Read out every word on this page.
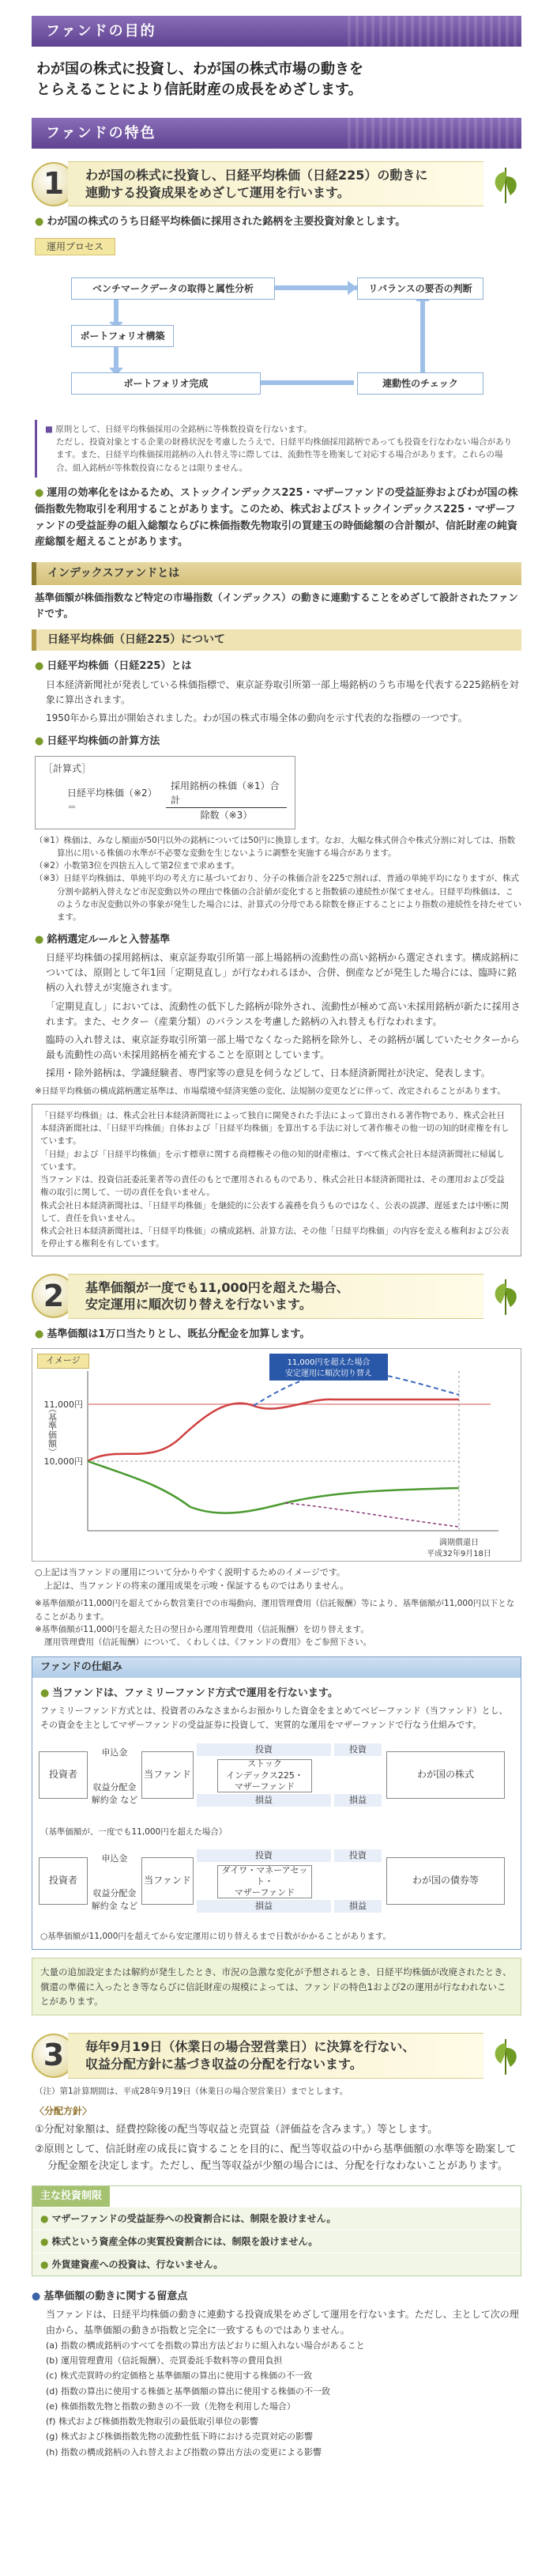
ファンドの目的
わが国の株式に投資し、わが国の株式市場の動きを
とらえることにより信託財産の成長をめざします。
ファンドの特色
1	わが国の株式に投資し、日経平均株価（日経225）の動きに
連動する投資成果をめざして運用を行います。
● わが国の株式のうち日経平均株価に採用された銘柄を主要投資対象とします。
運用プロセス
ベンチマークデータの取得と属性分析
ポートフォリオ構築
ポートフォリオ完成
リバランスの要否の判断
連動性のチェック

■ 原則として、日経平均株価採用の全銘柄に等株数投資を行ないます。

ただし、投資対象とする企業の財務状況を考慮したうえで、日経平均株価採用銘柄であっても投資を行なわない場合があります。また、日経平均株価採用銘柄の入れ替え等に際しては、流動性等を勘案して対応する場合があります。これらの場合、組入銘柄が等株数投資になるとは限りません。
● 運用の効率化をはかるため、ストックインデックス225・マザーファンドの受益証券およびわが国の株価指数先物取引を利用することがあります。このため、株式およびストックインデックス225・マザーファンドの受益証券の組入総額ならびに株価指数先物取引の買建玉の時価総額の合計額が、信託財産の純資産総額を超えることがあります。
インデックスファンドとは
基準価額が株価指数など特定の市場指数（インデックス）の動きに連動することをめざして設計されたファンドです。
日経平均株価（日経225）について
● 日経平均株価（日経225）とは
日本経済新聞社が発表している株価指標で、東京証券取引所第一部上場銘柄のうち市場を代表する225銘柄を対象に算出されます。
1950年から算出が開始されました。わが国の株式市場全体の動向を示す代表的な指標の一つです。
● 日経平均株価の計算方法
［計算式］
日経平均株価（※2）＝	$\frac{\text{採用銘柄の株価（※1）合計}}{\text{除数（※3）}}$

（※1）株価は、みなし額面が50円以外の銘柄については50円に換算します。なお、大幅な株式併合や株式分割に対しては、指数算出に用いる株価の水準が不必要な変動を生じないように調整を実施する場合があります。

（※2）小数第3位を四捨五入して第2位まで求めます。

（※3）日経平均株価は、単純平均の考え方に基づいており、分子の株価合計を225で割れば、普通の単純平均になりますが、株式分割や銘柄入替えなど市況変動以外の理由で株価の合計値が変化すると指数値の連続性が保てません。日経平均株価は、このような市況変動以外の事象が発生した場合には、計算式の分母である除数を修正することにより指数の連続性を持たせています。

● 銘柄選定ルールと入替基準
日経平均株価の採用銘柄は、東京証券取引所第一部上場銘柄の流動性の高い銘柄から選定されます。構成銘柄については、原則として年1回「定期見直し」が行なわれるほか、合併、倒産などが発生した場合には、臨時に銘柄の入れ替えが実施されます。
「定期見直し」においては、流動性の低下した銘柄が除外され、流動性が極めて高い未採用銘柄が新たに採用されます。また、セクター（産業分類）のバランスを考慮した銘柄の入れ替えも行なわれます。
臨時の入れ替えは、東京証券取引所第一部上場でなくなった銘柄を除外し、その銘柄が属していたセクターから最も流動性の高い未採用銘柄を補充することを原則としています。
採用・除外銘柄は、学識経験者、専門家等の意見を伺うなどして、日本経済新聞社が決定、発表します。
※日経平均株価の構成銘柄選定基準は、市場環境や経済実態の変化、法規制の変更などに伴って、改定されることがあります。

「日経平均株価」は、株式会社日本経済新聞社によって独自に開発された手法によって算出される著作物であり、株式会社日本経済新聞社は、「日経平均株価」自体および「日経平均株価」を算出する手法に対して著作権その他一切の知的財産権を有しています。

「日経」および「日経平均株価」を示す標章に関する商標権その他の知的財産権は、すべて株式会社日本経済新聞社に帰属しています。

当ファンドは、投資信託委託業者等の責任のもとで運用されるものであり、株式会社日本経済新聞社は、その運用および受益権の取引に関して、一切の責任を負いません。

株式会社日本経済新聞社は、「日経平均株価」を継続的に公表する義務を負うものではなく、公表の誤謬、遅延または中断に関して、責任を負いません。

株式会社日本経済新聞社は、「日経平均株価」の構成銘柄、計算方法、その他「日経平均株価」の内容を変える権利および公表を停止する権利を有しています。

2	基準価額が一度でも11,000円を超えた場合、
安定運用に順次切り替えを行ないます。
● 基準価額は1万口当たりとし、既払分配金を加算します。
イメージ
11,000円
10,000円
11,000円を超えた場合
安定運用に順次切り替え
満期償還日
平成32年9月18日
（基準価額）
○上記は当ファンドの運用について分かりやすく説明するためのイメージです。
上記は、当ファンドの将来の運用成果を示唆・保証するものではありません。
※基準価額が11,000円を超えてから数営業日での市場動向、運用管理費用（信託報酬）等により、基準価額が11,000円以下となることがあります。
※基準価額が11,000円を超えた日の翌日から運用管理費用（信託報酬）を切り替えます。
運用管理費用（信託報酬）について、くわしくは、《ファンドの費用》をご参照下さい。
ファンドの仕組み
● 当ファンドは、ファミリーファンド方式で運用を行ないます。
ファミリーファンド方式とは、投資者のみなさまからお預かりした資金をまとめてベビーファンド（当ファンド）とし、その資金を主としてマザーファンドの受益証券に投資して、実質的な運用をマザーファンドで行なう仕組みです。
投資者
申込金
収益分配金
解約金 など
当ファンド
投資
損益
ストック
インデックス225・
マザーファンド
投資
損益
わが国の株式
（基準価額が、一度でも11,000円を超えた場合）
投資者
申込金
収益分配金
解約金 など
当ファンド
投資
損益
ダイワ・マネーアセット・
マザーファンド
投資
損益
わが国の債券等
○基準価額が11,000円を超えてから安定運用に切り替えるまで日数がかかることがあります。
大量の追加設定または解約が発生したとき、市況の急激な変化が予想されるとき、日経平均株価が改廃されたとき、償還の準備に入ったとき等ならびに信託財産の規模によっては、ファンドの特色1および2の運用が行なわれないことがあります。
3	毎年9月19日（休業日の場合翌営業日）に決算を行ない、
収益分配方針に基づき収益の分配を行ないます。
（注）第1計算期間は、平成28年9月19日（休業日の場合翌営業日）までとします。
〈分配方針〉
①分配対象額は、経費控除後の配当等収益と売買益（評価益を含みます。）等とします。
②原則として、信託財産の成長に資することを目的に、配当等収益の中から基準価額の水準等を勘案して分配金額を決定します。ただし、配当等収益が少額の場合には、分配を行なわないことがあります。
主な投資制限
● マザーファンドの受益証券への投資割合には、制限を設けません。
● 株式という資産全体の実質投資割合には、制限を設けません。
● 外貨建資産への投資は、行ないません。
● 基準価額の動きに関する留意点
当ファンドは、日経平均株価の動きに連動する投資成果をめざして運用を行ないます。ただし、主として次の理由から、基準価額の動きが指数と完全に一致するものではありません。
(a) 指数の構成銘柄のすべてを指数の算出方法どおりに組入れない場合があること
(b) 運用管理費用（信託報酬）、売買委託手数料等の費用負担
(c) 株式売買時の約定価格と基準価額の算出に使用する株価の不一致
(d) 指数の算出に使用する株価と基準価額の算出に使用する株価の不一致
(e) 株価指数先物と指数の動きの不一致（先物を利用した場合）
(f) 株式および株価指数先物取引の最低取引単位の影響
(g) 株式および株価指数先物の流動性低下時における売買対応の影響
(h) 指数の構成銘柄の入れ替えおよび指数の算出方法の変更による影響
